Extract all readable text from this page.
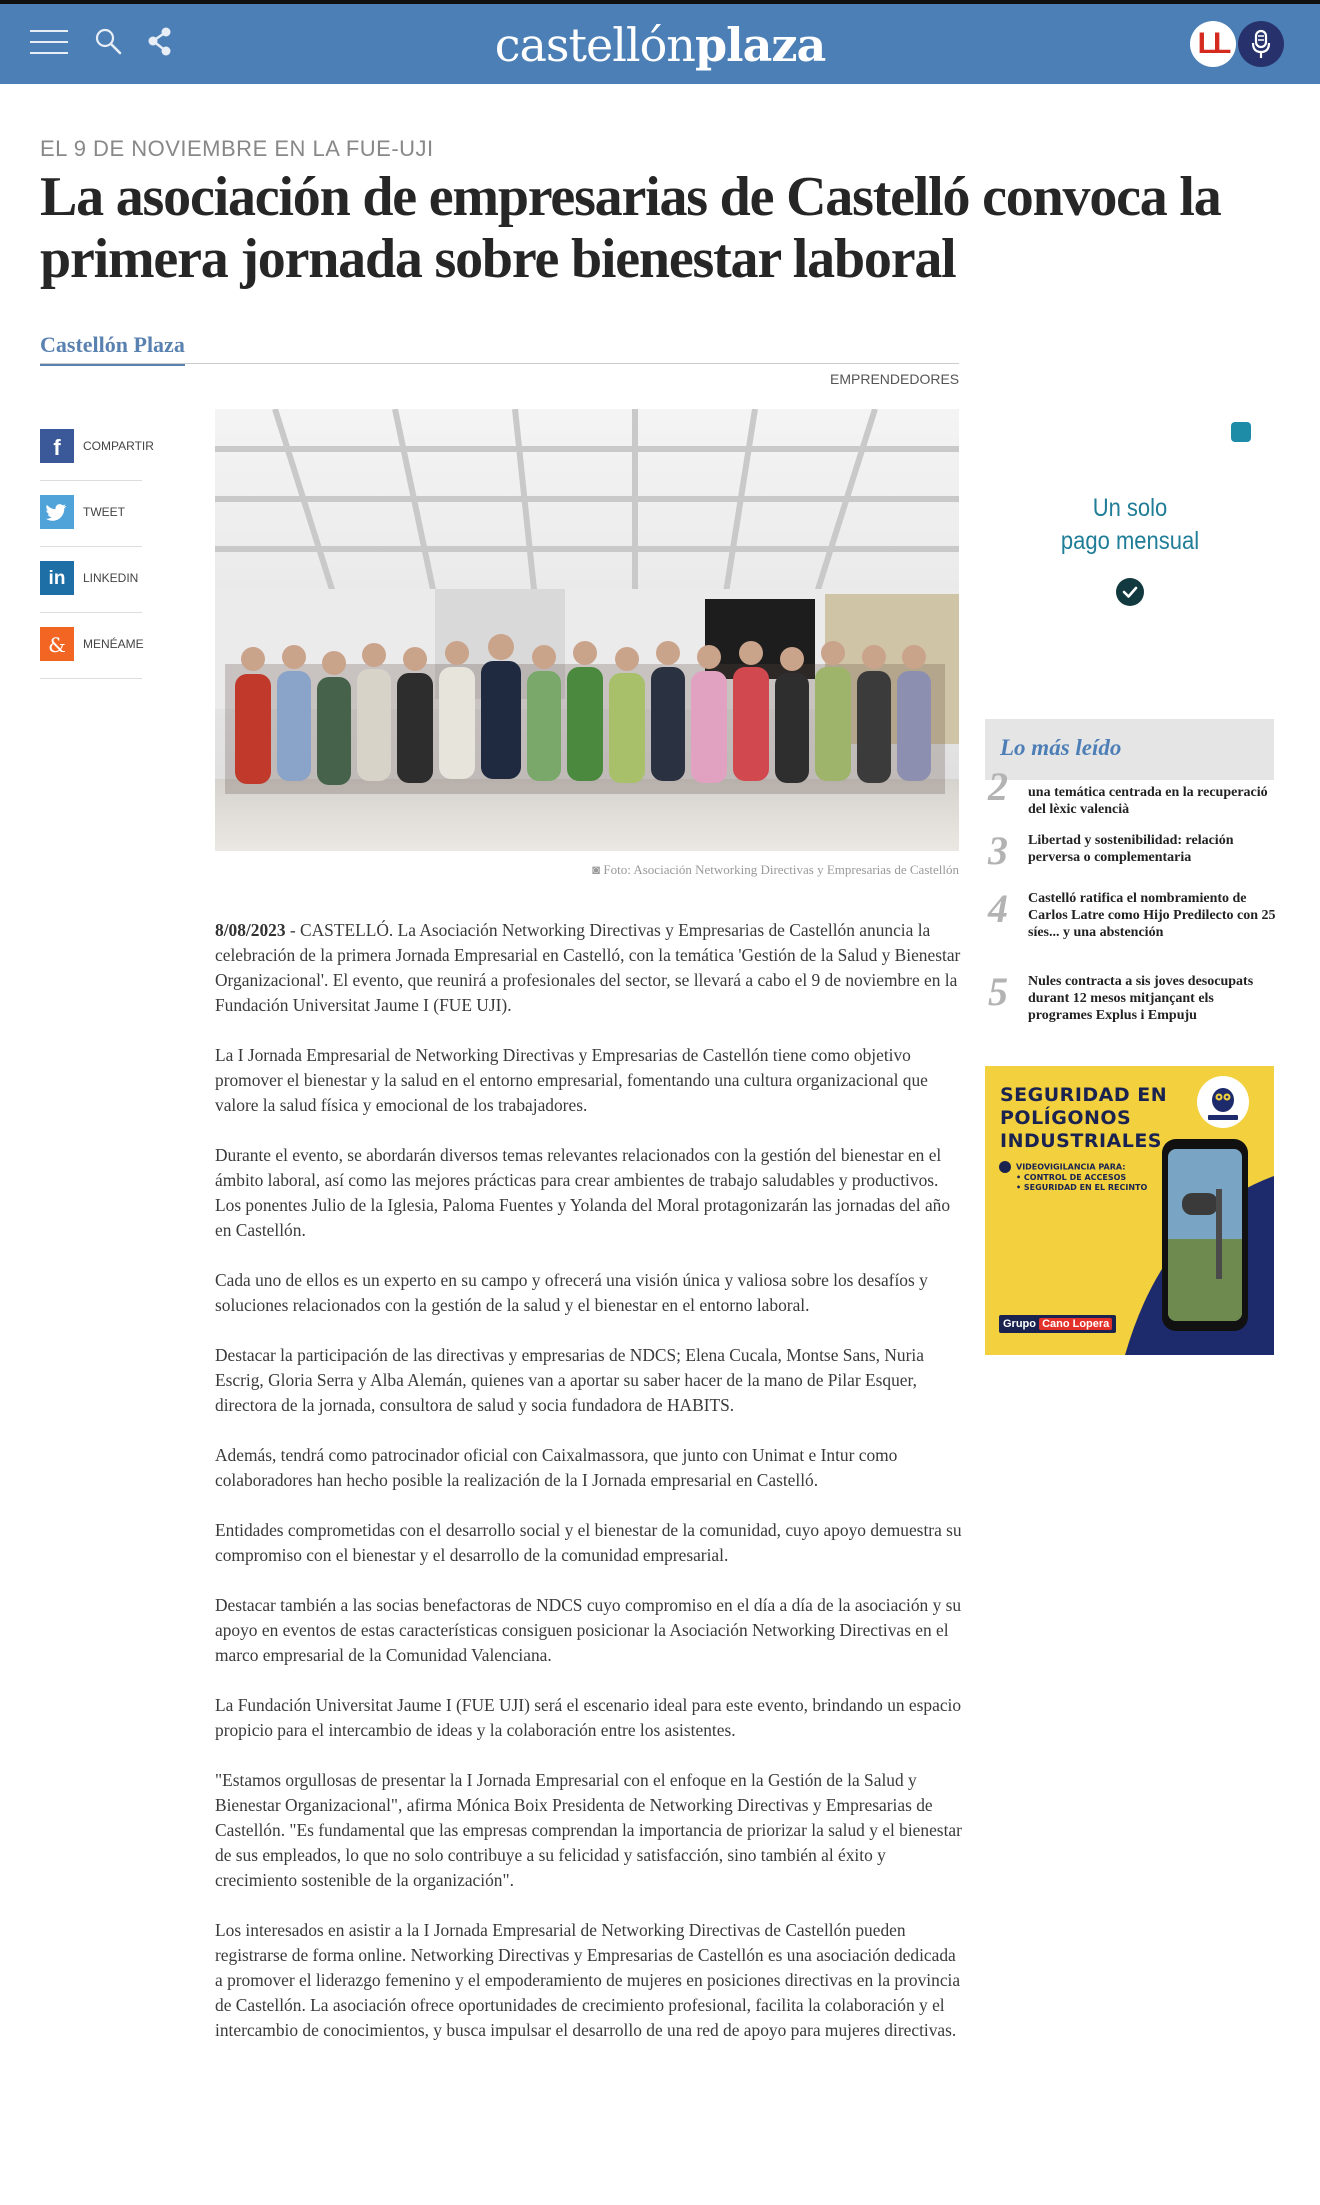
castellónplaza	LL
EL 9 DE NOVIEMBRE EN LA FUE-UJI
La asociación de empresarias de Castelló convoca la primera jornada sobre bienestar laboral
Castellón Plaza
EMPRENDEDORES
f	COMPARTIR
TWEET
in	LINKEDIN
&	MENÉAME
◙ Foto: Asociación Networking Directivas y Empresarias de Castellón

8/08/2023 - CASTELLÓ. La Asociación Networking Directivas y Empresarias de Castellón anuncia la celebración de la primera Jornada Empresarial en Castelló, con la temática 'Gestión de la Salud y Bienestar Organizacional'. El evento, que reunirá a profesionales del sector, se llevará a cabo el 9 de noviembre en la Fundación Universitat Jaume I (FUE UJI).

La I Jornada Empresarial de Networking Directivas y Empresarias de Castellón tiene como objetivo promover el bienestar y la salud en el entorno empresarial, fomentando una cultura organizacional que valore la salud física y emocional de los trabajadores.

Durante el evento, se abordarán diversos temas relevantes relacionados con la gestión del bienestar en el ámbito laboral, así como las mejores prácticas para crear ambientes de trabajo saludables y productivos. Los ponentes Julio de la Iglesia, Paloma Fuentes y Yolanda del Moral protagonizarán las jornadas del año en Castellón.

Cada uno de ellos es un experto en su campo y ofrecerá una visión única y valiosa sobre los desafíos y soluciones relacionados con la gestión de la salud y el bienestar en el entorno laboral.

Destacar la participación de las directivas y empresarias de NDCS; Elena Cucala, Montse Sans, Nuria Escrig, Gloria Serra y Alba Alemán, quienes van a aportar su saber hacer de la mano de Pilar Esquer, directora de la jornada, consultora de salud y socia fundadora de HABITS.

Además, tendrá como patrocinador oficial con Caixalmassora, que junto con Unimat e Intur como colaboradores han hecho posible la realización de la I Jornada empresarial en Castelló.

Entidades comprometidas con el desarrollo social y el bienestar de la comunidad, cuyo apoyo demuestra su compromiso con el bienestar y el desarrollo de la comunidad empresarial.

Destacar también a las socias benefactoras de NDCS cuyo compromiso en el día a día de la asociación y su apoyo en eventos de estas características consiguen posicionar la Asociación Networking Directivas en el marco empresarial de la Comunidad Valenciana.

La Fundación Universitat Jaume I (FUE UJI) será el escenario ideal para este evento, brindando un espacio propicio para el intercambio de ideas y la colaboración entre los asistentes.

"Estamos orgullosas de presentar la I Jornada Empresarial con el enfoque en la Gestión de la Salud y Bienestar Organizacional", afirma Mónica Boix Presidenta de Networking Directivas y Empresarias de Castellón. "Es fundamental que las empresas comprendan la importancia de priorizar la salud y el bienestar de sus empleados, lo que no solo contribuye a su felicidad y satisfacción, sino también al éxito y crecimiento sostenible de la organización".

Los interesados en asistir a la I Jornada Empresarial de Networking Directivas de Castellón pueden registrarse de forma online. Networking Directivas y Empresarias de Castellón es una asociación dedicada a promover el liderazgo femenino y el empoderamiento de mujeres en posiciones directivas en la provincia de Castellón. La asociación ofrece oportunidades de crecimiento profesional, facilita la colaboración y el intercambio de conocimientos, y busca impulsar el desarrollo de una red de apoyo para mujeres directivas.

Un solo
pago mensual
Lo más leído
2	una temática centrada en la recuperació del lèxic valencià
3	Libertad y sostenibilidad: relación perversa o complementaria
4	Castelló ratifica el nombramiento de Carlos Latre como Hijo Predilecto con 25 síes... y una abstención
5	Nules contracta a sis joves desocupats durant 12 mesos mitjançant els programes Explus i Empuju
SEGURIDAD EN POLÍGONOS INDUSTRIALES
VIDEOVIGILANCIA PARA:
• CONTROL DE ACCESOS
• SEGURIDAD EN EL RECINTO
Grupo Cano Lopera
